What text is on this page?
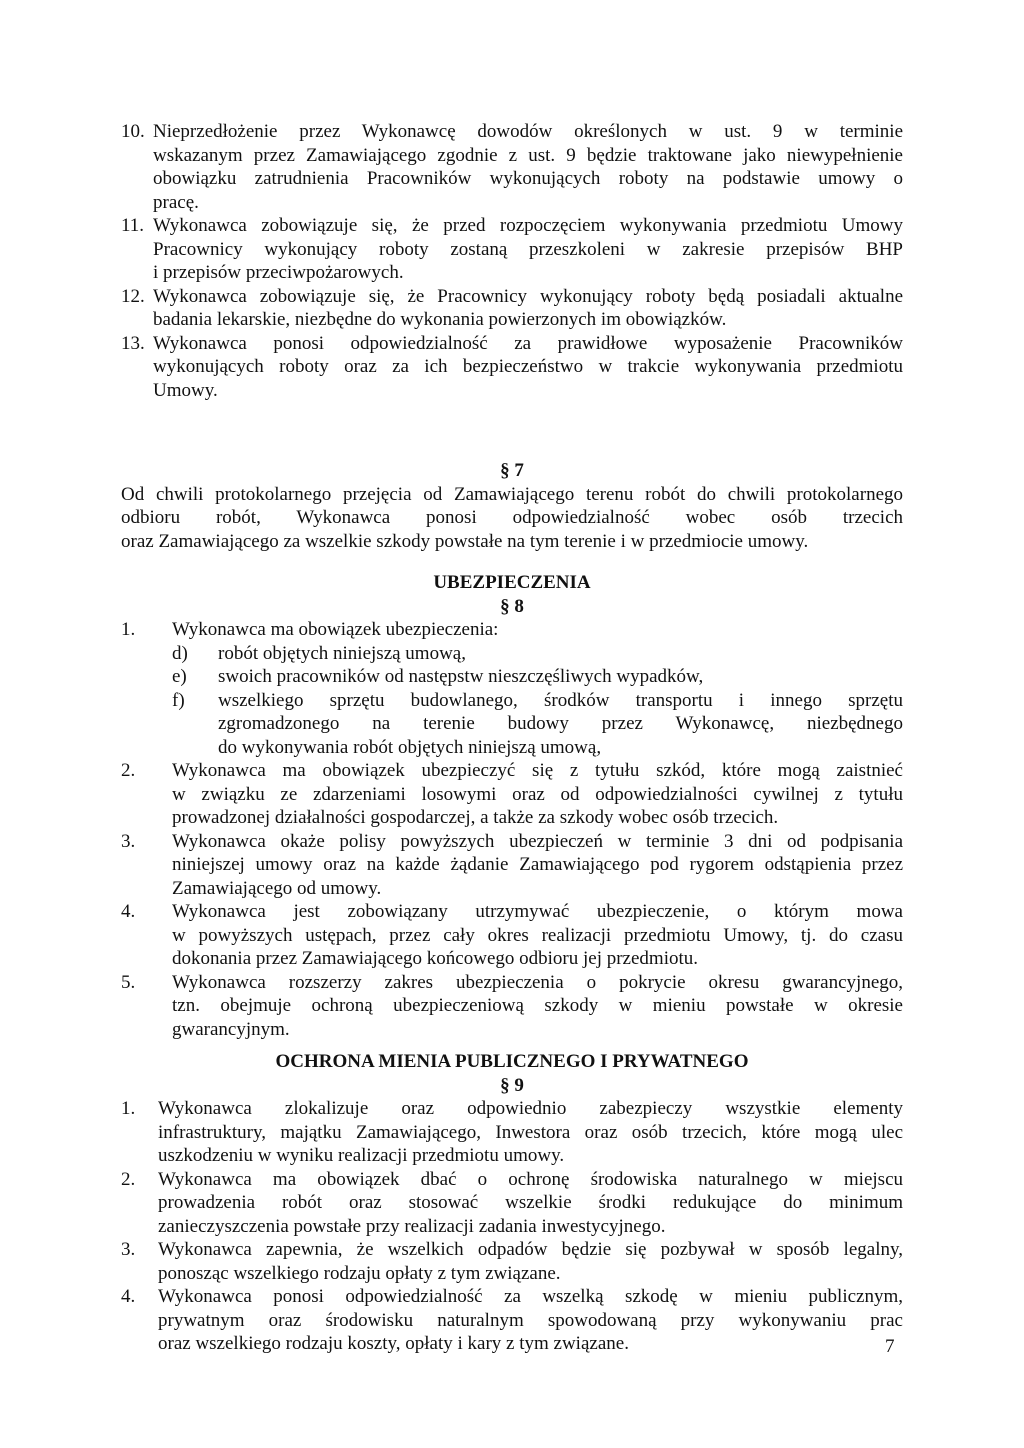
10. Nieprzedłożenie przez Wykonawcę dowodów określonych w ust. 9 w terminie
wskazanym przez Zamawiającego zgodnie z ust. 9 będzie traktowane jako niewypełnienie
obowiązku zatrudnienia Pracowników wykonujących roboty na podstawie umowy o
pracę.
11. Wykonawca zobowiązuje się, że przed rozpoczęciem wykonywania przedmiotu Umowy
Pracownicy wykonujący roboty zostaną przeszkoleni w zakresie przepisów BHP
i przepisów przeciwpożarowych.
12. Wykonawca zobowiązuje się, że Pracownicy wykonujący roboty będą posiadali aktualne
badania lekarskie, niezbędne do wykonania powierzonych im obowiązków.
13. Wykonawca ponosi odpowiedzialność za prawidłowe wyposażenie Pracowników
wykonujących roboty oraz za ich bezpieczeństwo w trakcie wykonywania przedmiotu
Umowy.
§ 7
Od chwili protokolarnego przejęcia od Zamawiającego terenu robót do chwili protokolarnego
odbioru robót, Wykonawca ponosi odpowiedzialność wobec osób trzecich
oraz Zamawiającego za wszelkie szkody powstałe na tym terenie i w przedmiocie umowy.
UBEZPIECZENIA
§ 8
1. Wykonawca ma obowiązek ubezpieczenia:
d) robót objętych niniejszą umową,
e) swoich pracowników od następstw nieszczęśliwych wypadków,
f) wszelkiego sprzętu budowlanego, środków transportu i innego sprzętu
zgromadzonego na terenie budowy przez Wykonawcę, niezbędnego
do wykonywania robót objętych niniejszą umową,
2. Wykonawca ma obowiązek ubezpieczyć się z tytułu szkód, które mogą zaistnieć
w związku ze zdarzeniami losowymi oraz od odpowiedzialności cywilnej z tytułu
prowadzonej działalności gospodarczej, a także za szkody wobec osób trzecich.
3. Wykonawca okaże polisy powyższych ubezpieczeń w terminie 3 dni od podpisania
niniejszej umowy oraz na każde żądanie Zamawiającego pod rygorem odstąpienia przez
Zamawiającego od umowy.
4. Wykonawca jest zobowiązany utrzymywać ubezpieczenie, o którym mowa
w powyższych ustępach, przez cały okres realizacji przedmiotu Umowy, tj. do czasu
dokonania przez Zamawiającego końcowego odbioru jej przedmiotu.
5. Wykonawca rozszerzy zakres ubezpieczenia o pokrycie okresu gwarancyjnego,
tzn. obejmuje ochroną ubezpieczeniową szkody w mieniu powstałe w okresie
gwarancyjnym.
OCHRONA MIENIA PUBLICZNEGO I PRYWATNEGO
§ 9
1. Wykonawca zlokalizuje oraz odpowiednio zabezpieczy wszystkie elementy
infrastruktury, majątku Zamawiającego, Inwestora oraz osób trzecich, które mogą ulec
uszkodzeniu w wyniku realizacji przedmiotu umowy.
2. Wykonawca ma obowiązek dbać o ochronę środowiska naturalnego w miejscu
prowadzenia robót oraz stosować wszelkie środki redukujące do minimum
zanieczyszczenia powstałe przy realizacji zadania inwestycyjnego.
3. Wykonawca zapewnia, że wszelkich odpadów będzie się pozbywał w sposób legalny,
ponosząc wszelkiego rodzaju opłaty z tym związane.
4. Wykonawca ponosi odpowiedzialność za wszelką szkodę w mieniu publicznym,
prywatnym oraz środowisku naturalnym spowodowaną przy wykonywaniu prac
oraz wszelkiego rodzaju koszty, opłaty i kary z tym związane.	7
